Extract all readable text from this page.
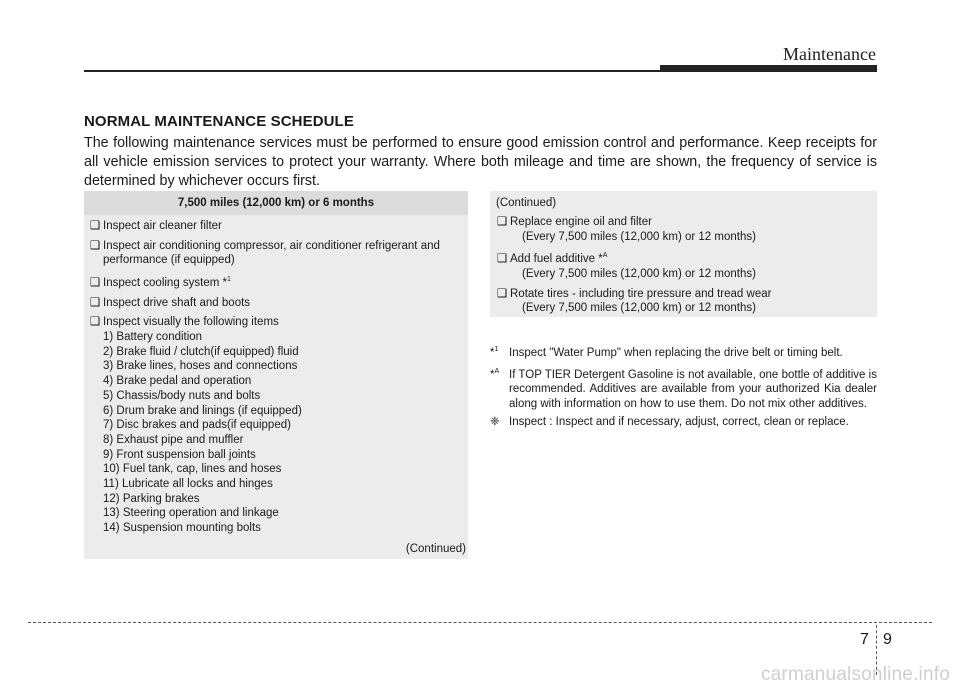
Maintenance
NORMAL MAINTENANCE SCHEDULE

The following maintenance services must be performed to ensure good emission control and performance. Keep receipts for all vehicle emission services to protect your warranty. Where both mileage and time are shown, the frequency of service is determined by whichever occurs first.

7,500 miles (12,000 km) or 6 months
❑ Inspect air cleaner filter
❑ Inspect air conditioning compressor, air conditioner refrigerant and performance (if equipped)
❑ Inspect cooling system *$^1$
❑ Inspect drive shaft and boots
❑ Inspect visually the following items
1) Battery condition
2) Brake fluid / clutch(if equipped) fluid
3) Brake lines, hoses and connections
4) Brake pedal and operation
5) Chassis/body nuts and bolts
6) Drum brake and linings (if equipped)
7) Disc brakes and pads(if equipped)
8) Exhaust pipe and muffler
9) Front suspension ball joints
10) Fuel tank, cap, lines and hoses
11) Lubricate all locks and hinges
12) Parking brakes
13) Steering operation and linkage
14) Suspension mounting bolts
(Continued)
(Continued)
❑ Replace engine oil and filter
(Every 7,500 miles (12,000 km) or 12 months)
❑ Add fuel additive *$^A$
(Every 7,500 miles (12,000 km) or 12 months)
❑ Rotate tires - including tire pressure and tread wear
(Every 7,500 miles (12,000 km) or 12 months)

*$^1$ Inspect "Water Pump" when replacing the drive belt or timing belt.

*$^A$ If TOP TIER Detergent Gasoline is not available, one bottle of additive is recommended. Additives are available from your authorized Kia dealer along with information on how to use them. Do not mix other additives.

❈ Inspect : Inspect and if necessary, adjust, correct, clean or replace.

7 9
carmanualsonline.info
